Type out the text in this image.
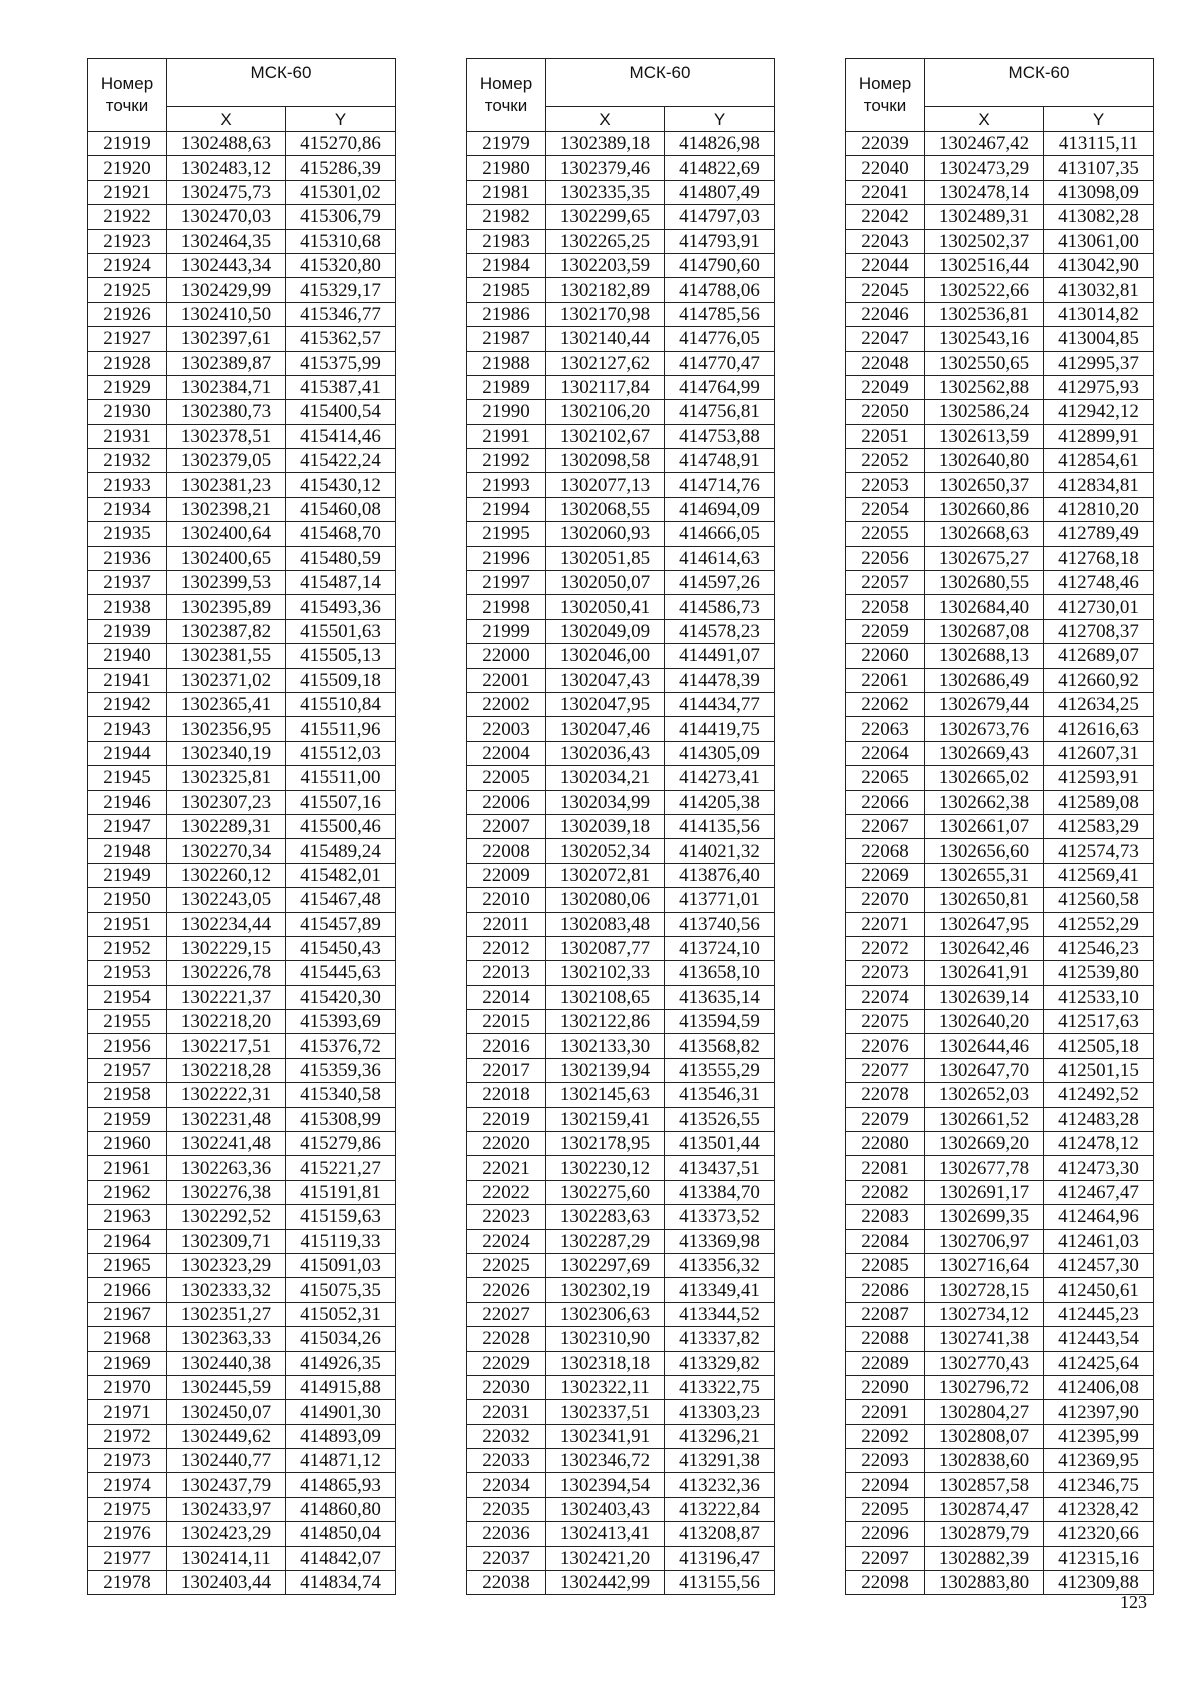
Номер
точки	МСК-60	
	X	Y
21919	1302488,63	415270,86
21920	1302483,12	415286,39
21921	1302475,73	415301,02
21922	1302470,03	415306,79
21923	1302464,35	415310,68
21924	1302443,34	415320,80
21925	1302429,99	415329,17
21926	1302410,50	415346,77
21927	1302397,61	415362,57
21928	1302389,87	415375,99
21929	1302384,71	415387,41
21930	1302380,73	415400,54
21931	1302378,51	415414,46
21932	1302379,05	415422,24
21933	1302381,23	415430,12
21934	1302398,21	415460,08
21935	1302400,64	415468,70
21936	1302400,65	415480,59
21937	1302399,53	415487,14
21938	1302395,89	415493,36
21939	1302387,82	415501,63
21940	1302381,55	415505,13
21941	1302371,02	415509,18
21942	1302365,41	415510,84
21943	1302356,95	415511,96
21944	1302340,19	415512,03
21945	1302325,81	415511,00
21946	1302307,23	415507,16
21947	1302289,31	415500,46
21948	1302270,34	415489,24
21949	1302260,12	415482,01
21950	1302243,05	415467,48
21951	1302234,44	415457,89
21952	1302229,15	415450,43
21953	1302226,78	415445,63
21954	1302221,37	415420,30
21955	1302218,20	415393,69
21956	1302217,51	415376,72
21957	1302218,28	415359,36
21958	1302222,31	415340,58
21959	1302231,48	415308,99
21960	1302241,48	415279,86
21961	1302263,36	415221,27
21962	1302276,38	415191,81
21963	1302292,52	415159,63
21964	1302309,71	415119,33
21965	1302323,29	415091,03
21966	1302333,32	415075,35
21967	1302351,27	415052,31
21968	1302363,33	415034,26
21969	1302440,38	414926,35
21970	1302445,59	414915,88
21971	1302450,07	414901,30
21972	1302449,62	414893,09
21973	1302440,77	414871,12
21974	1302437,79	414865,93
21975	1302433,97	414860,80
21976	1302423,29	414850,04
21977	1302414,11	414842,07
21978	1302403,44	414834,74
Номер
точки	МСК-60	
	X	Y
21979	1302389,18	414826,98
21980	1302379,46	414822,69
21981	1302335,35	414807,49
21982	1302299,65	414797,03
21983	1302265,25	414793,91
21984	1302203,59	414790,60
21985	1302182,89	414788,06
21986	1302170,98	414785,56
21987	1302140,44	414776,05
21988	1302127,62	414770,47
21989	1302117,84	414764,99
21990	1302106,20	414756,81
21991	1302102,67	414753,88
21992	1302098,58	414748,91
21993	1302077,13	414714,76
21994	1302068,55	414694,09
21995	1302060,93	414666,05
21996	1302051,85	414614,63
21997	1302050,07	414597,26
21998	1302050,41	414586,73
21999	1302049,09	414578,23
22000	1302046,00	414491,07
22001	1302047,43	414478,39
22002	1302047,95	414434,77
22003	1302047,46	414419,75
22004	1302036,43	414305,09
22005	1302034,21	414273,41
22006	1302034,99	414205,38
22007	1302039,18	414135,56
22008	1302052,34	414021,32
22009	1302072,81	413876,40
22010	1302080,06	413771,01
22011	1302083,48	413740,56
22012	1302087,77	413724,10
22013	1302102,33	413658,10
22014	1302108,65	413635,14
22015	1302122,86	413594,59
22016	1302133,30	413568,82
22017	1302139,94	413555,29
22018	1302145,63	413546,31
22019	1302159,41	413526,55
22020	1302178,95	413501,44
22021	1302230,12	413437,51
22022	1302275,60	413384,70
22023	1302283,63	413373,52
22024	1302287,29	413369,98
22025	1302297,69	413356,32
22026	1302302,19	413349,41
22027	1302306,63	413344,52
22028	1302310,90	413337,82
22029	1302318,18	413329,82
22030	1302322,11	413322,75
22031	1302337,51	413303,23
22032	1302341,91	413296,21
22033	1302346,72	413291,38
22034	1302394,54	413232,36
22035	1302403,43	413222,84
22036	1302413,41	413208,87
22037	1302421,20	413196,47
22038	1302442,99	413155,56
Номер
точки	МСК-60	
	X	Y
22039	1302467,42	413115,11
22040	1302473,29	413107,35
22041	1302478,14	413098,09
22042	1302489,31	413082,28
22043	1302502,37	413061,00
22044	1302516,44	413042,90
22045	1302522,66	413032,81
22046	1302536,81	413014,82
22047	1302543,16	413004,85
22048	1302550,65	412995,37
22049	1302562,88	412975,93
22050	1302586,24	412942,12
22051	1302613,59	412899,91
22052	1302640,80	412854,61
22053	1302650,37	412834,81
22054	1302660,86	412810,20
22055	1302668,63	412789,49
22056	1302675,27	412768,18
22057	1302680,55	412748,46
22058	1302684,40	412730,01
22059	1302687,08	412708,37
22060	1302688,13	412689,07
22061	1302686,49	412660,92
22062	1302679,44	412634,25
22063	1302673,76	412616,63
22064	1302669,43	412607,31
22065	1302665,02	412593,91
22066	1302662,38	412589,08
22067	1302661,07	412583,29
22068	1302656,60	412574,73
22069	1302655,31	412569,41
22070	1302650,81	412560,58
22071	1302647,95	412552,29
22072	1302642,46	412546,23
22073	1302641,91	412539,80
22074	1302639,14	412533,10
22075	1302640,20	412517,63
22076	1302644,46	412505,18
22077	1302647,70	412501,15
22078	1302652,03	412492,52
22079	1302661,52	412483,28
22080	1302669,20	412478,12
22081	1302677,78	412473,30
22082	1302691,17	412467,47
22083	1302699,35	412464,96
22084	1302706,97	412461,03
22085	1302716,64	412457,30
22086	1302728,15	412450,61
22087	1302734,12	412445,23
22088	1302741,38	412443,54
22089	1302770,43	412425,64
22090	1302796,72	412406,08
22091	1302804,27	412397,90
22092	1302808,07	412395,99
22093	1302838,60	412369,95
22094	1302857,58	412346,75
22095	1302874,47	412328,42
22096	1302879,79	412320,66
22097	1302882,39	412315,16
22098	1302883,80	412309,88
123
